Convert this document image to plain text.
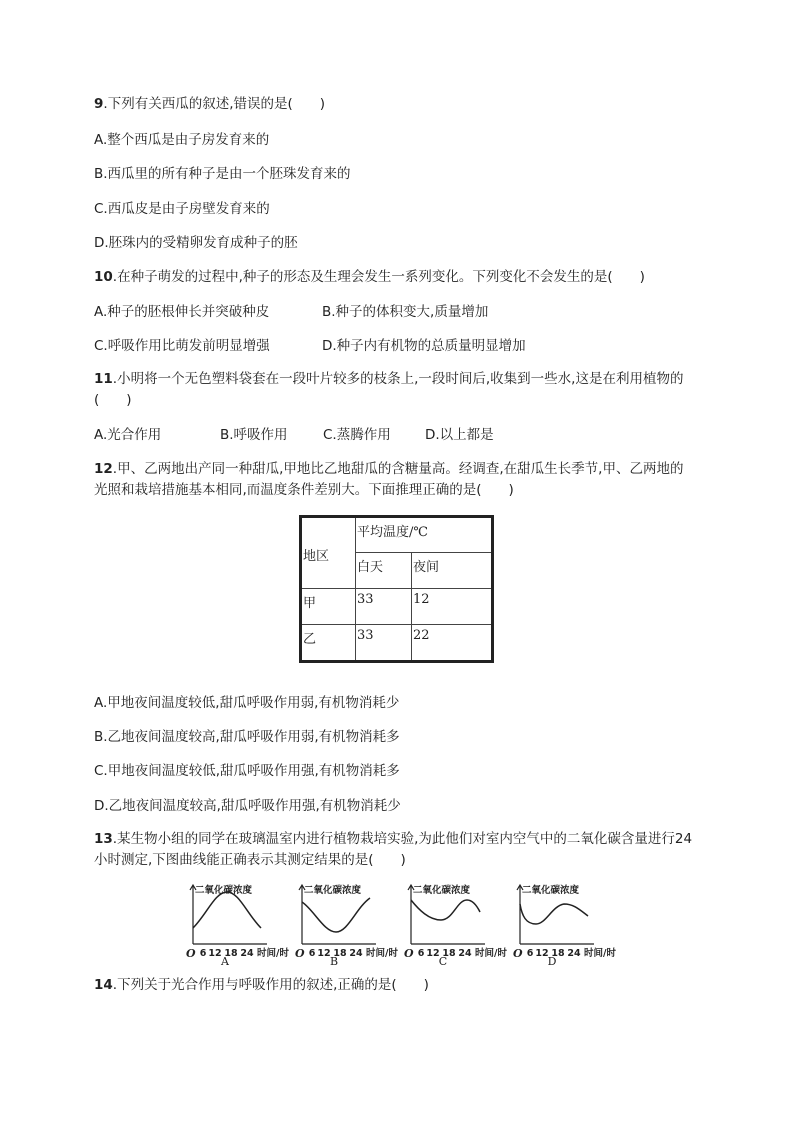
9.下列有关西瓜的叙述,错误的是(　　)
A.整个西瓜是由子房发育来的
B.西瓜里的所有种子是由一个胚珠发育来的
C.西瓜皮是由子房壁发育来的
D.胚珠内的受精卵发育成种子的胚
10.在种子萌发的过程中,种子的形态及生理会发生一系列变化。下列变化不会发生的是(　　)
A.种子的胚根伸长并突破种皮	B.种子的体积变大,质量增加
C.呼吸作用比萌发前明显增强	D.种子内有机物的总质量明显增加
11.小明将一个无色塑料袋套在一段叶片较多的枝条上,一段时间后,收集到一些水,这是在利用植物的(　　)
A.光合作用	B.呼吸作用	C.蒸腾作用	D.以上都是
12.甲、乙两地出产同一种甜瓜,甲地比乙地甜瓜的含糖量高。经调查,在甜瓜生长季节,甲、乙两地的光照和栽培措施基本相同,而温度条件差别大。下面推理正确的是(　　)
地区	平均温度/℃	
	白天	夜间
甲	33	12
乙	33	22
A.甲地夜间温度较低,甜瓜呼吸作用弱,有机物消耗少
B.乙地夜间温度较高,甜瓜呼吸作用弱,有机物消耗多
C.甲地夜间温度较低,甜瓜呼吸作用强,有机物消耗多
D.乙地夜间温度较高,甜瓜呼吸作用强,有机物消耗少
13.某生物小组的同学在玻璃温室内进行植物栽培实验,为此他们对室内空气中的二氧化碳含量进行24小时测定,下图曲线能正确表示其测定结果的是(　　)
二氧化碳浓度
O 6 12 18 24 时间/时
A
二氧化碳浓度
O 6 12 18 24 时间/时
B
二氧化碳浓度
O 6 12 18 24 时间/时
C
二氧化碳浓度
O 6 12 18 24 时间/时
D
14.下列关于光合作用与呼吸作用的叙述,正确的是(　　)
